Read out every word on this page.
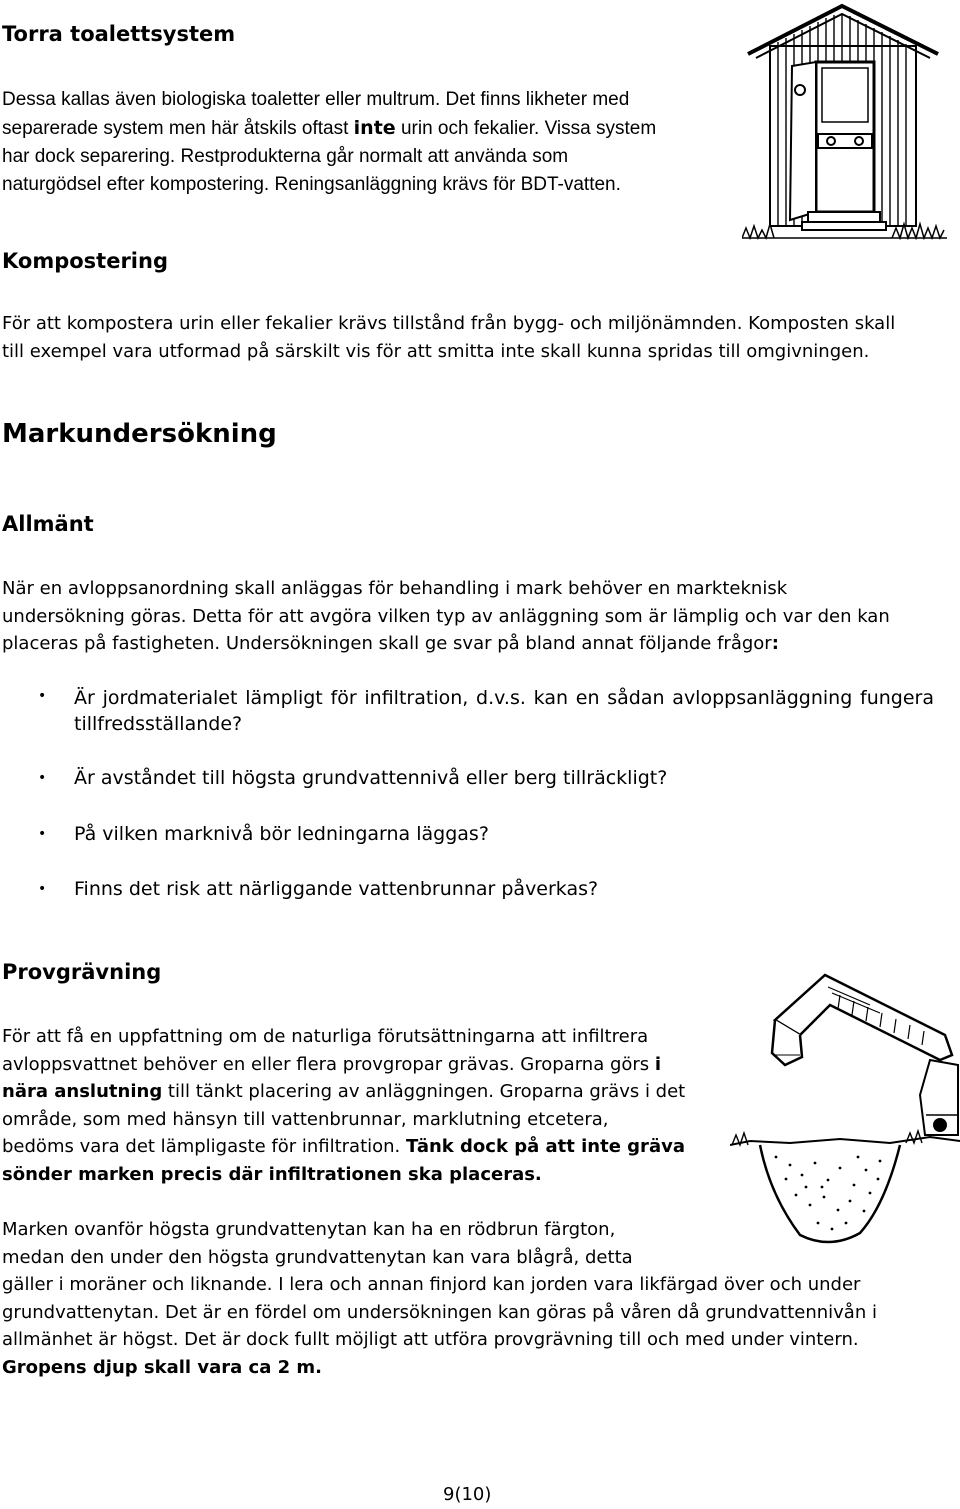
Torra toalettsystem
Dessa kallas även biologiska toaletter eller multrum. Det finns likheter med
separerade system men här åtskils oftast inte urin och fekalier. Vissa system
har dock separering. Restprodukterna går normalt att använda som
naturgödsel efter kompostering. Reningsanläggning krävs för BDT-vatten.
Kompostering
För att kompostera urin eller fekalier krävs tillstånd från bygg- och miljönämnden. Komposten skall
till exempel vara utformad på särskilt vis för att smitta inte skall kunna spridas till omgivningen.
Markundersökning
Allmänt
När en avloppsanordning skall anläggas för behandling i mark behöver en markteknisk
undersökning göras. Detta för att avgöra vilken typ av anläggning som är lämplig och var den kan
placeras på fastigheten. Undersökningen skall ge svar på bland annat följande frågor:
• Är jordmaterialet lämpligt för infiltration, d.v.s. kan en sådan avloppsanläggning fungera
tillfredsställande?
• Är avståndet till högsta grundvattennivå eller berg tillräckligt?
• På vilken marknivå bör ledningarna läggas?
• Finns det risk att närliggande vattenbrunnar påverkas?
Provgrävning
För att få en uppfattning om de naturliga förutsättningarna att infiltrera
avloppsvattnet behöver en eller flera provgropar grävas. Groparna görs i
nära anslutning till tänkt placering av anläggningen. Groparna grävs i det
område, som med hänsyn till vattenbrunnar, marklutning etcetera,
bedöms vara det lämpligaste för infiltration. Tänk dock på att inte gräva
sönder marken precis där infiltrationen ska placeras.
Marken ovanför högsta grundvattenytan kan ha en rödbrun färgton,
medan den under den högsta grundvattenytan kan vara blågrå, detta
gäller i moräner och liknande. I lera och annan finjord kan jorden vara likfärgad över och under
grundvattenytan. Det är en fördel om undersökningen kan göras på våren då grundvattennivån i
allmänhet är högst. Det är dock fullt möjligt att utföra provgrävning till och med under vintern.
Gropens djup skall vara ca 2 m.
9(10)
